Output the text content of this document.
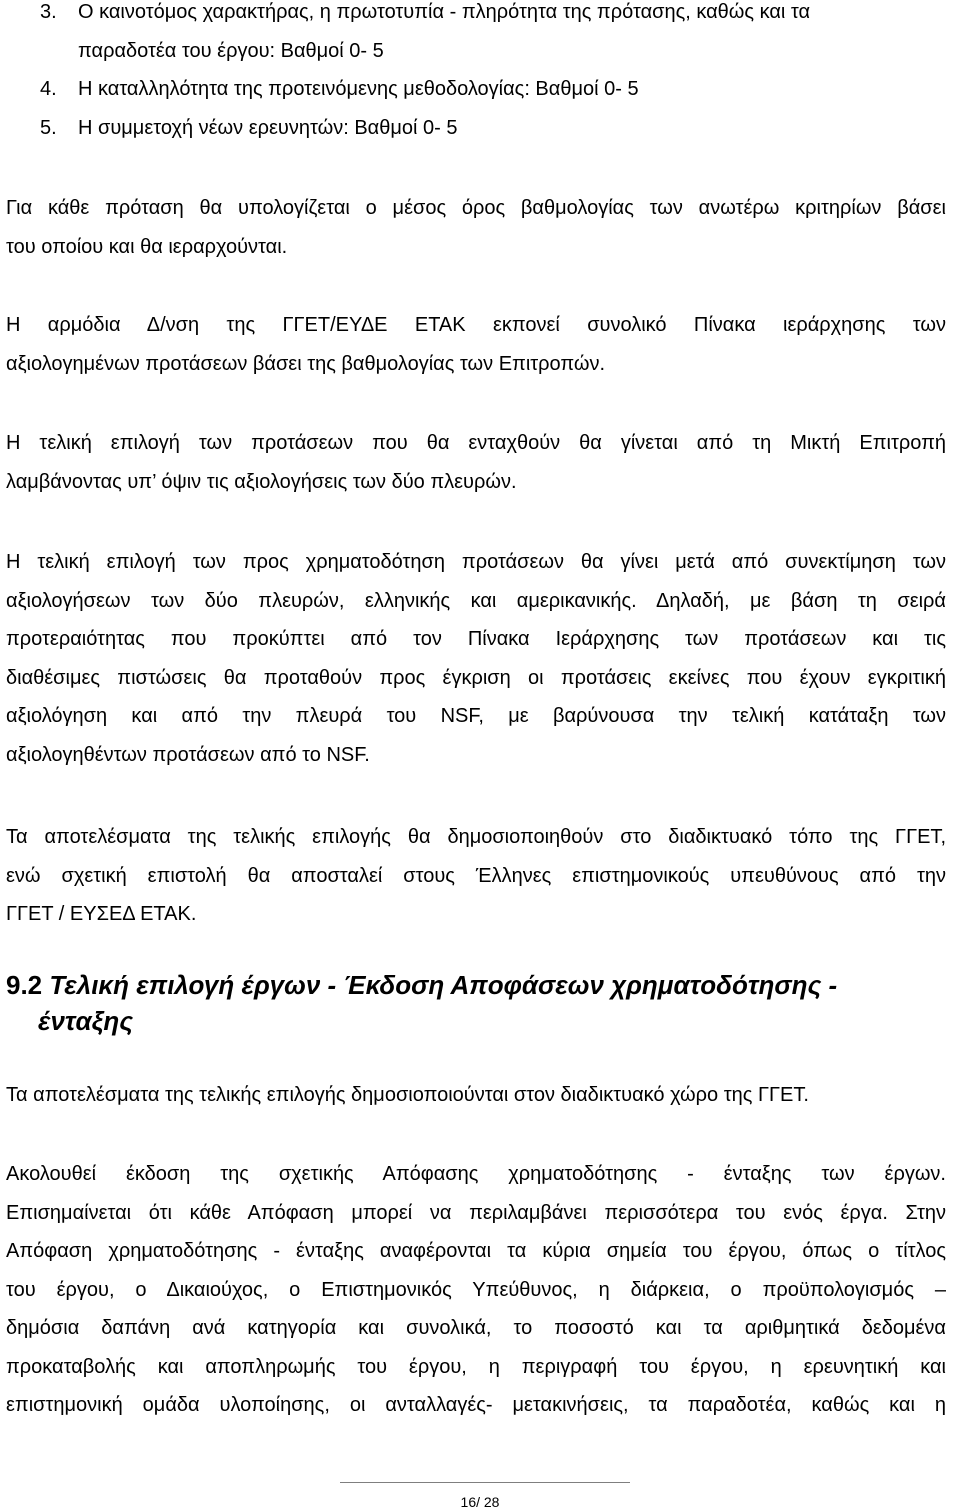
3.	Ο καινοτόμος χαρακτήρας, η πρωτοτυπία - πληρότητα της πρότασης, καθώς και τα
παραδοτέα του έργου: Βαθμοί 0- 5
4.	Η καταλληλότητα της προτεινόμενης μεθοδολογίας: Βαθμοί 0- 5
5.	Η συμμετοχή νέων ερευνητών: Βαθμοί 0- 5
Για κάθε πρόταση θα υπολογίζεται ο μέσος όρος βαθμολογίας των ανωτέρω κριτηρίων βάσει
του οποίου και θα ιεραρχούνται.
Η αρμόδια Δ/νση της ΓΓΕΤ/ΕΥΔΕ ΕΤΑΚ εκπονεί συνολικό Πίνακα ιεράρχησης των
αξιολογημένων προτάσεων βάσει της βαθμολογίας των Επιτροπών.
Η τελική επιλογή των προτάσεων που θα ενταχθούν θα γίνεται από τη Μικτή Επιτροπή
λαμβάνοντας υπ’ όψιν τις αξιολογήσεις των δύο πλευρών.
Η τελική επιλογή των προς χρηματοδότηση προτάσεων θα γίνει μετά από συνεκτίμηση των
αξιολογήσεων των δύο πλευρών, ελληνικής και αμερικανικής. Δηλαδή, με βάση τη σειρά
προτεραιότητας που προκύπτει από τον Πίνακα Ιεράρχησης των προτάσεων και τις
διαθέσιμες πιστώσεις θα προταθούν προς έγκριση οι προτάσεις εκείνες που έχουν εγκριτική
αξιολόγηση και από την πλευρά του NSF, με βαρύνουσα την τελική κατάταξη των
αξιολογηθέντων προτάσεων από το NSF.
Τα αποτελέσματα της τελικής επιλογής θα δημοσιοποιηθούν στο διαδικτυακό τόπο της ΓΓΕΤ,
ενώ σχετική επιστολή θα αποσταλεί στους Έλληνες επιστημονικούς υπευθύνους από την
ΓΓΕΤ / ΕΥΣΕΔ ΕΤΑΚ.
9.2 Τελική επιλογή έργων - Έκδοση Αποφάσεων χρηματοδότησης -
ένταξης
Τα αποτελέσματα της τελικής επιλογής δημοσιοποιούνται στον διαδικτυακό χώρο της ΓΓΕΤ.
Ακολουθεί έκδοση της σχετικής Απόφασης χρηματοδότησης - ένταξης των έργων.
Επισημαίνεται ότι κάθε Απόφαση μπορεί να περιλαμβάνει περισσότερα του ενός έργα. Στην
Απόφαση χρηματοδότησης - ένταξης αναφέρονται τα κύρια σημεία του έργου, όπως ο τίτλος
του έργου, ο Δικαιούχος, ο Επιστημονικός Υπεύθυνος, η διάρκεια, ο προϋπολογισμός –
δημόσια δαπάνη ανά κατηγορία και συνολικά, το ποσοστό και τα αριθμητικά δεδομένα
προκαταβολής και αποπληρωμής του έργου, η περιγραφή του έργου, η ερευνητική και
επιστημονική ομάδα υλοποίησης, οι ανταλλαγές- μετακινήσεις, τα παραδοτέα, καθώς και η
16/ 28
